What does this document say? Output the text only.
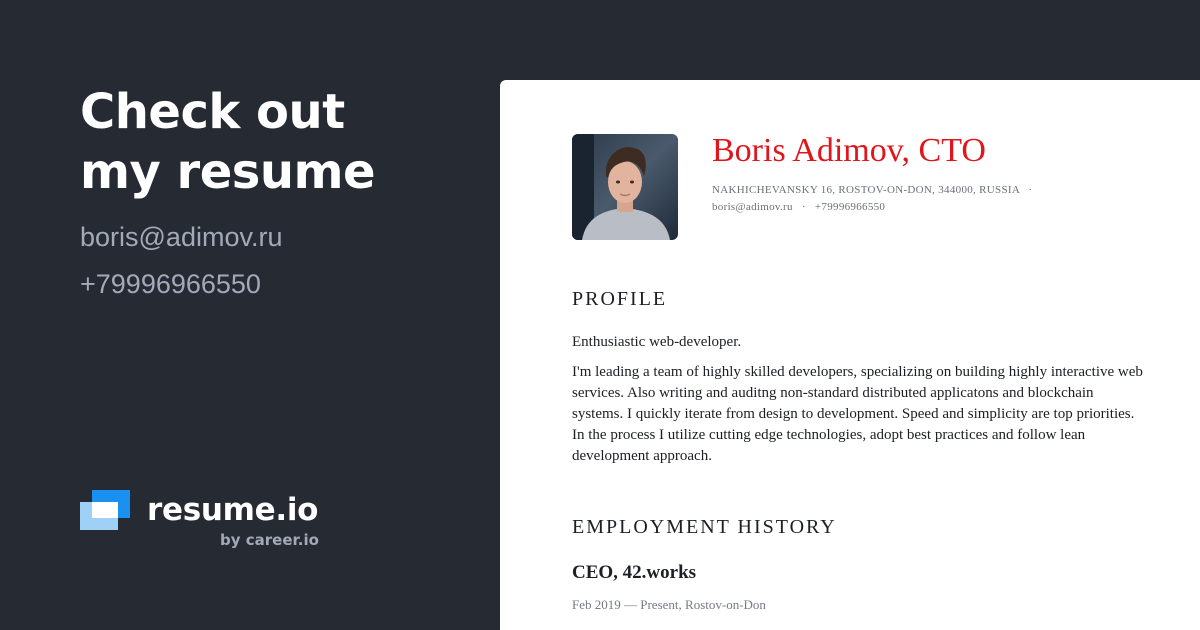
Check out
my resume
boris@adimov.ru
+79996966550
resume.io
by career.io
Boris Adimov, CTO
NAKHICHEVANSKY 16, ROSTOV-ON-DON, 344000, RUSSIA ·
boris@adimov.ru · +79996966550
PROFILE

Enthusiastic web-developer.

I'm leading a team of highly skilled developers, specializing on building highly interactive web services. Also writing and auditng non-standard distributed applicatons and blockchain systems. I quickly iterate from design to development. Speed and simplicity are top priorities. In the process I utilize cutting edge technologies, adopt best practices and follow lean development approach.

EMPLOYMENT HISTORY

CEO, 42.works

Feb 2019 — Present, Rostov-on-Don
